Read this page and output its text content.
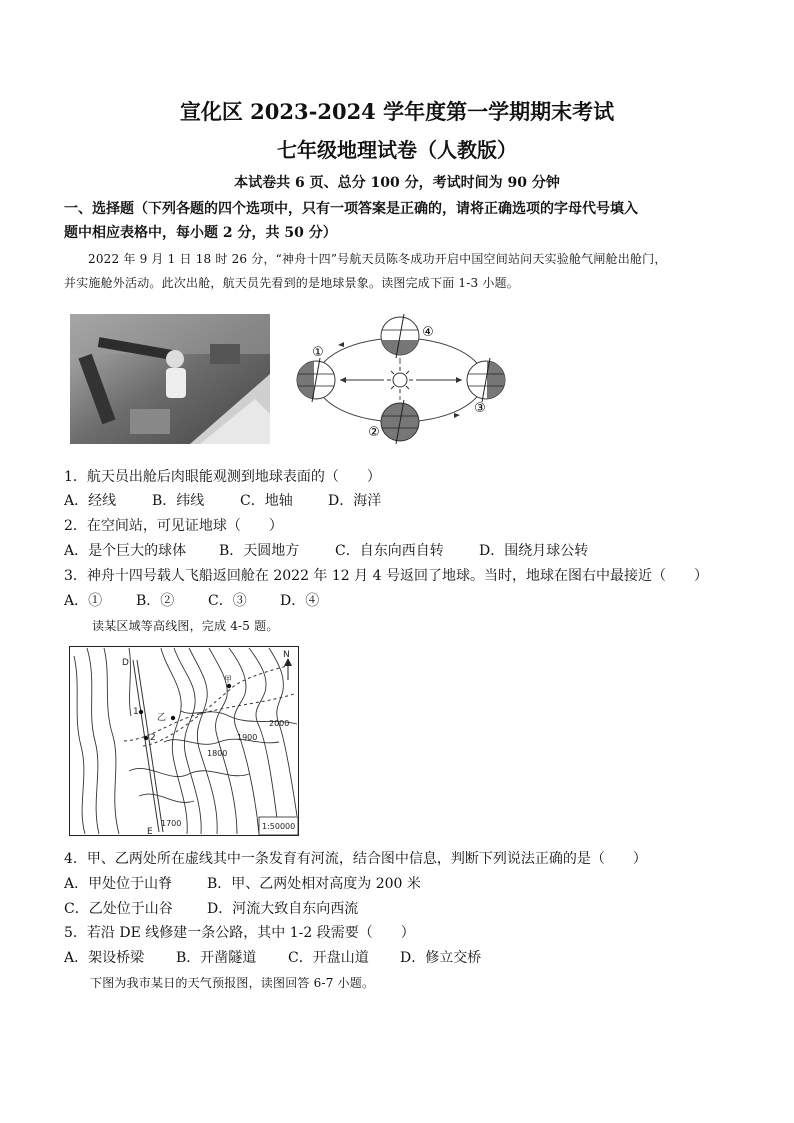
宣化区 2023-2024 学年度第一学期期末考试
七年级地理试卷（人教版）
本试卷共 6 页、总分 100 分，考试时间为 90 分钟
一、选择题（下列各题的四个选项中，只有一项答案是正确的，请将正确选项的字母代号填入
题中相应表格中，每小题 2 分，共 50 分）
2022 年 9 月 1 日 18 时 26 分，“神舟十四”号航天员陈冬成功开启中国空间站问天实验舱气闸舱出舱门，
并实施舱外活动。此次出舱，航天员先看到的是地球景象。读图完成下面 1-3 小题。
①
②
③
④
1．航天员出舱后肉眼能观测到地球表面的（　　）
A．经线	B．纬线	C．地轴	D．海洋
2．在空间站，可见证地球（　　）
A．是个巨大的球体 B．天圆地方	C．自东向西自转	D．围绕月球公转
3．神舟十四号载人飞船返回舱在 2022 年 12 月 4 号返回了地球。当时，地球在图右中最接近（　　）
A．① B．② C．③ D．④
读某区域等高线图，完成 4-5 题。
D
E
1
2
甲
乙
2000
1900
1800
1700
N
1:50000
4．甲、乙两处所在虚线其中一条发育有河流，结合图中信息，判断下列说法正确的是（　　）
A．甲处位于山脊 B．甲、乙两处相对高度为 200 米
C．乙处位于山谷 D．河流大致自东向西流
5．若沿 DE 线修建一条公路，其中 1-2 段需要（　　）
A．架设桥梁 B．开凿隧道 C．开盘山道 D．修立交桥
下图为我市某日的天气预报图，读图回答 6-7 小题。
